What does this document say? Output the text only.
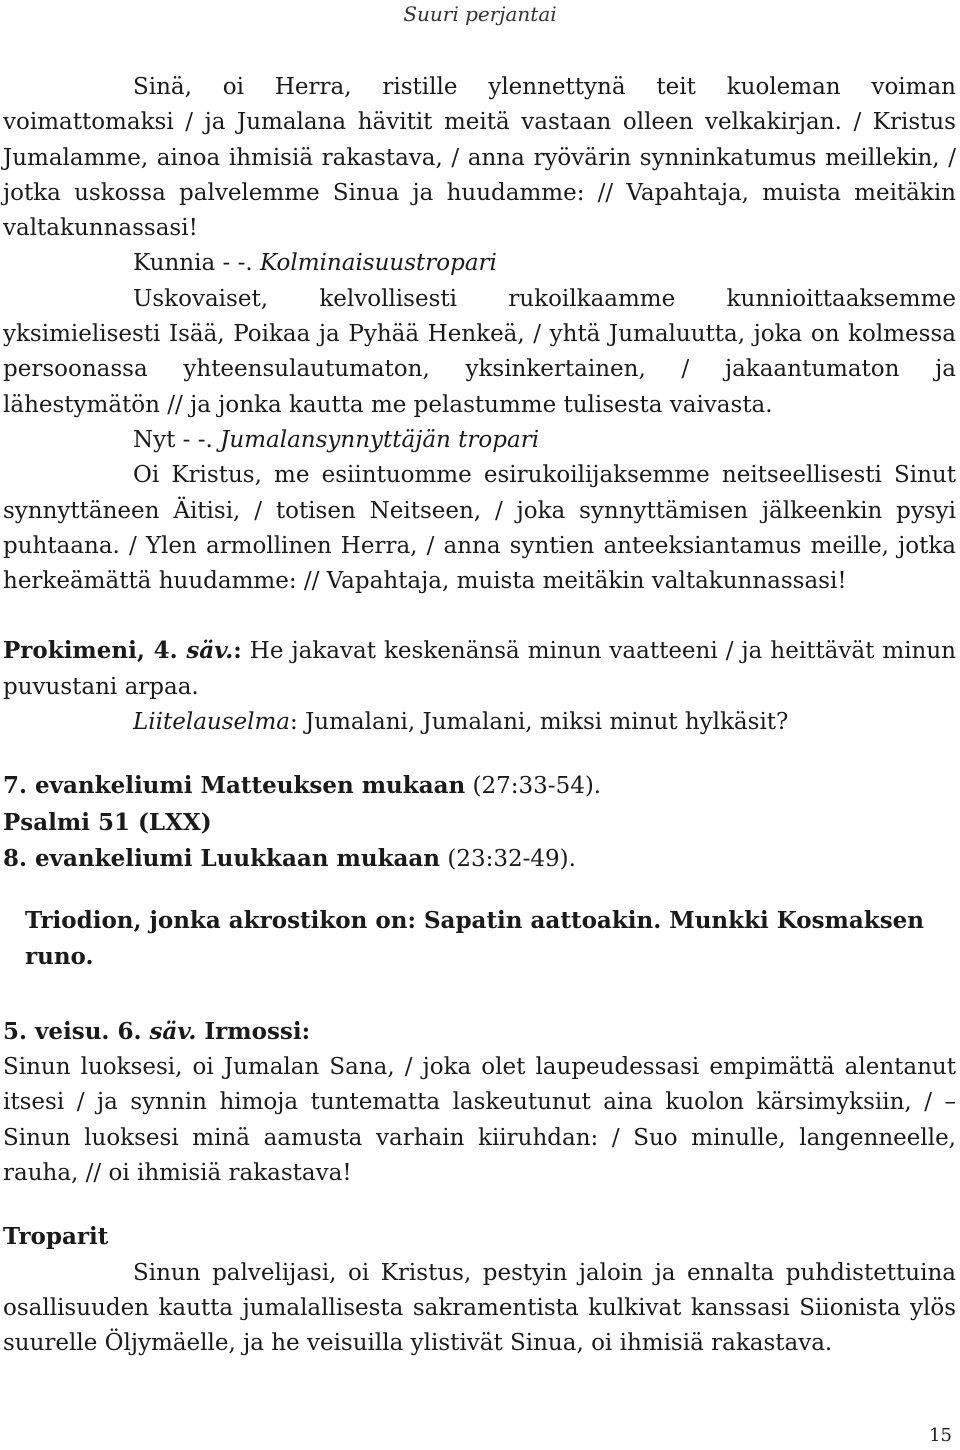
Suuri perjantai

Sinä, oi Herra, ristille ylennettynä teit kuoleman voiman voimattomaksi / ja Jumalana hävitit meitä vastaan olleen velkakirjan. / Kristus Jumalamme, ainoa ihmisiä rakastava, / anna ryövärin synninkatumus meillekin, / jotka uskossa palvelemme Sinua ja huudamme: // Vapahtaja, muista meitäkin valtakunnassasi!

Kunnia - -. Kolminaisuustropari

Uskovaiset, kelvollisesti rukoilkaamme kunnioittaaksemme yksimielisesti Isää, Poikaa ja Pyhää Henkeä, / yhtä Jumaluutta, joka on kolmessa persoonassa yhteensulautumaton, yksinkertainen, / jakaantumaton ja lähestymätön // ja jonka kautta me pelastumme tulisesta vaivasta.

Nyt - -. Jumalansynnyttäjän tropari

Oi Kristus, me esiintuomme esirukoilijaksemme neitseellisesti Sinut synnyttäneen Äitisi, / totisen Neitseen, / joka synnyttämisen jälkeenkin pysyi puhtaana. / Ylen armollinen Herra, / anna syntien anteeksiantamus meille, jotka herkeämättä huudamme: // Vapahtaja, muista meitäkin valtakunnassasi!

Prokimeni, 4. säv.: He jakavat keskenänsä minun vaatteeni / ja heittävät minun puvustani arpaa.

Liitelauselma: Jumalani, Jumalani, miksi minut hylkäsit?

7. evankeliumi Matteuksen mukaan (27:33-54).

Psalmi 51 (LXX)

8. evankeliumi Luukkaan mukaan (23:32-49).

Triodion, jonka akrostikon on: Sapatin aattoakin. Munkki Kosmaksen runo.

5. veisu. 6. säv. Irmossi:

Sinun luoksesi, oi Jumalan Sana, / joka olet laupeudessasi empimättä alentanut itsesi / ja synnin himoja tuntematta laskeutunut aina kuolon kärsimyksiin, / – Sinun luoksesi minä aamusta varhain kiiruhdan: / Suo minulle, langenneelle, rauha, // oi ihmisiä rakastava!

Troparit

Sinun palvelijasi, oi Kristus, pestyin jaloin ja ennalta puhdistettuina osallisuuden kautta jumalallisesta sakramentista kulkivat kanssasi Siionista ylös suurelle Öljymäelle, ja he veisuilla ylistivät Sinua, oi ihmisiä rakastava.

15
